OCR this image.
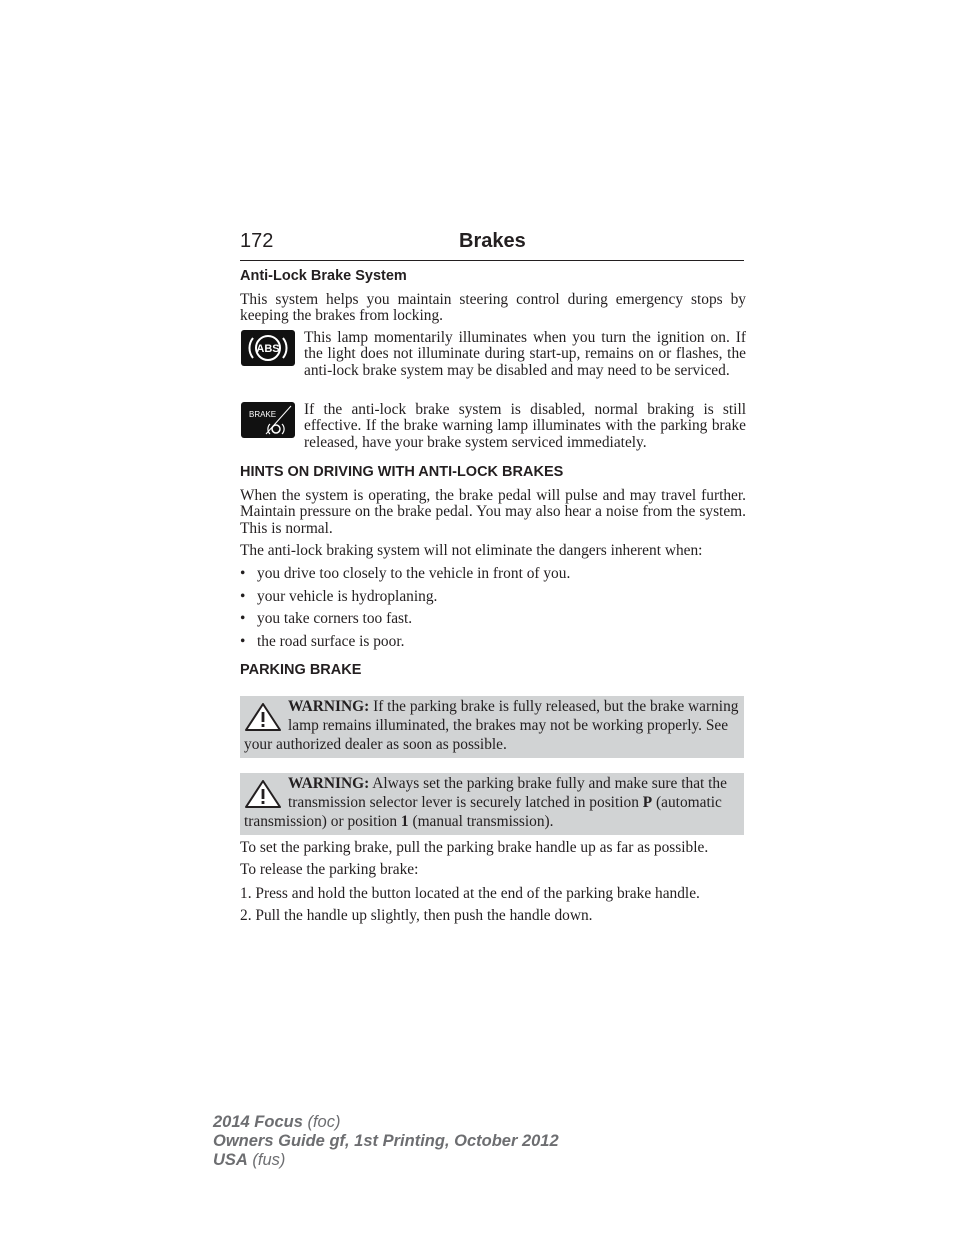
172	Brakes
Anti-Lock Brake System
This system helps you maintain steering control during emergency stops by keeping the brakes from locking.
ABS
This lamp momentarily illuminates when you turn the ignition on. If the light does not illuminate during start-up, remains on or flashes, the anti-lock brake system may be disabled and may need to be serviced.
BRAKE If the anti-lock brake system is disabled, normal braking is still effective. If the brake warning lamp illuminates with the parking brake released, have your brake system serviced immediately.
HINTS ON DRIVING WITH ANTI-LOCK BRAKES
When the system is operating, the brake pedal will pulse and may travel further. Maintain pressure on the brake pedal. You may also hear a noise from the system. This is normal.
The anti-lock braking system will not eliminate the dangers inherent when:
• you drive too closely to the vehicle in front of you.
• your vehicle is hydroplaning.
• you take corners too fast.
• the road surface is poor.
PARKING BRAKE
WARNING: If the parking brake is fully released, but the brake warning lamp remains illuminated, the brakes may not be working properly. See your authorized dealer as soon as possible.
WARNING: Always set the parking brake fully and make sure that the transmission selector lever is securely latched in position P (automatic transmission) or position 1 (manual transmission).
To set the parking brake, pull the parking brake handle up as far as possible.
To release the parking brake:
1. Press and hold the button located at the end of the parking brake handle.
2. Pull the handle up slightly, then push the handle down.
2014 Focus (foc)
Owners Guide gf, 1st Printing, October 2012
USA (fus)
